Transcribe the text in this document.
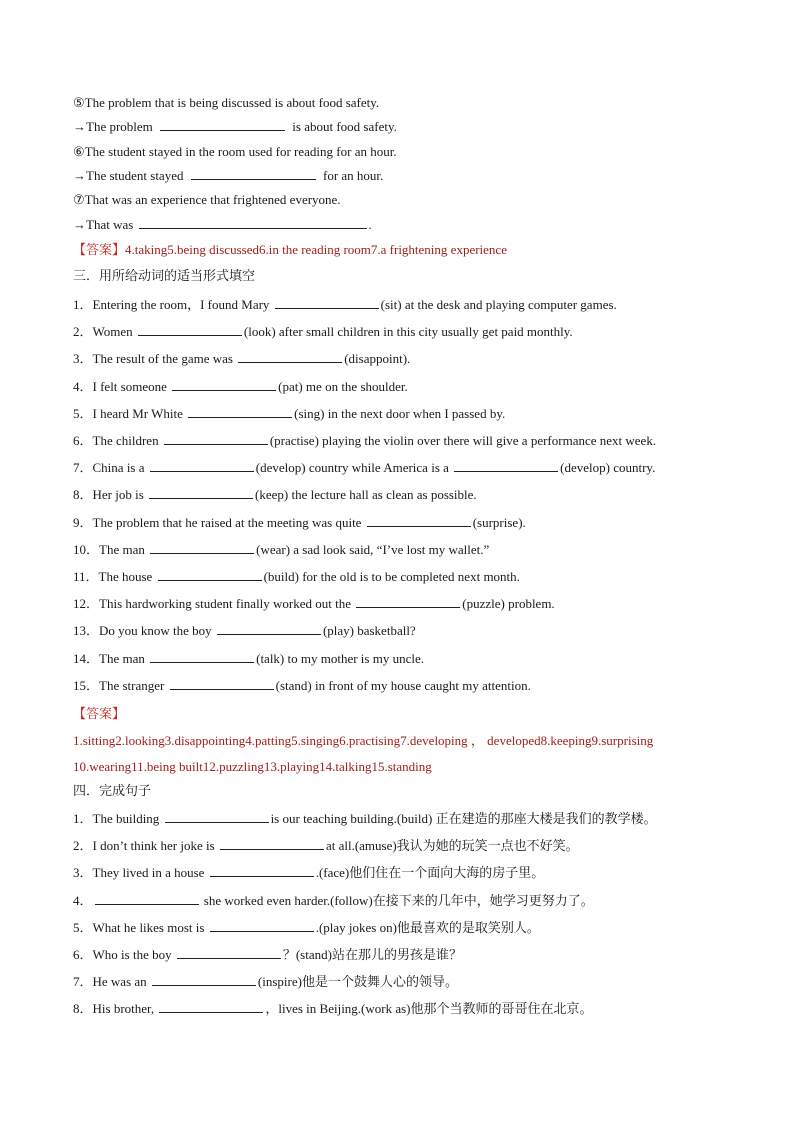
⑤The problem that is being discussed is about food safety.
→The problem	is about food safety.
⑥The student stayed in the room used for reading for an hour.
→The student stayed	for an hour.
⑦That was an experience that frightened everyone.
→That was	.
【答案】4.taking5.being discussed6.in the reading room7.a frightening experience
三．用所给动词的适当形式填空
1．Entering the room，I found Mary	(sit) at the desk and playing computer games.
2．Women	(look) after small children in this city usually get paid monthly.
3．The result of the game was	(disappoint).
4．I felt someone	(pat) me on the shoulder.
5．I heard Mr White	(sing) in the next door when I passed by.
6．The children	(practise) playing the violin over there will give a performance next week.
7．China is a	(develop) country while America is a	(develop) country.
8．Her job is	(keep) the lecture hall as clean as possible.
9．The problem that he raised at the meeting was quite	(surprise).
10．The man	(wear) a sad look said, “I’ve lost my wallet.”
11．The house	(build) for the old is to be completed next month.
12．This hardworking student finally worked out the	(puzzle) problem.
13．Do you know the boy	(play) basketball?
14．The man	(talk) to my mother is my uncle.
15．The stranger	(stand) in front of my house caught my attention.
【答案】
1.sitting2.looking3.disappointing4.patting5.singing6.practising7.developing ， developed8.keeping9.surprising
10.wearing11.being built12.puzzling13.playing14.talking15.standing
四．完成句子
1．The building	is our teaching building.(build) 正在建造的那座大楼是我们的教学楼。
2．I don’t think her joke is	at all.(amuse)我认为她的玩笑一点也不好笑。
3．They lived in a house	.(face)他们住在一个面向大海的房子里。
4．	she worked even harder.(follow)在接下来的几年中，她学习更努力了。
5．What he likes most is	.(play jokes on)他最喜欢的是取笑别人。
6．Who is the boy	？(stand)站在那儿的男孩是谁？
7．He was an	(inspire)他是一个鼓舞人心的领导。
8．His brother,	，lives in Beijing.(work as)他那个当教师的哥哥住在北京。
